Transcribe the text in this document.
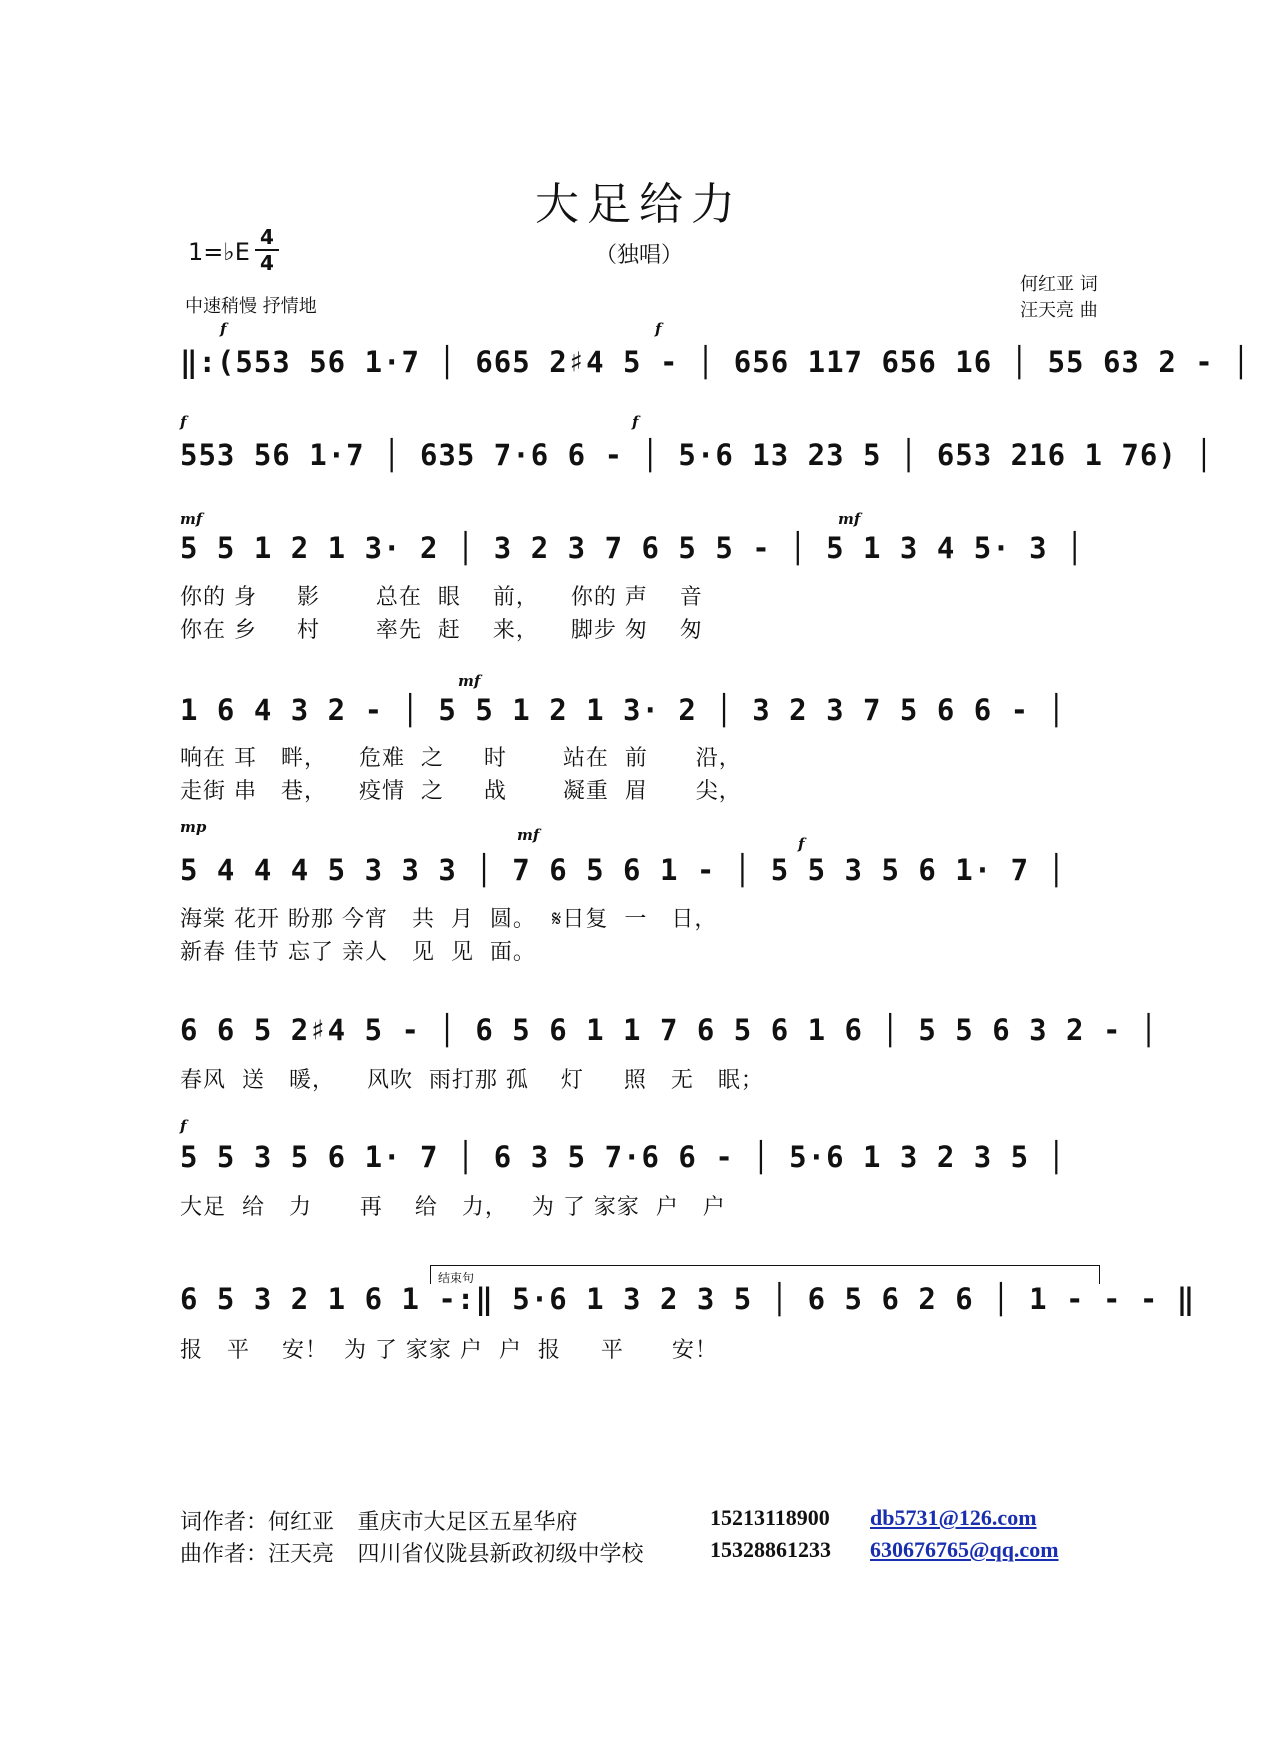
大足给力
（独唱）
1=♭E
4
4
中速稍慢 抒情地
何红亚 词
汪天亮 曲
‖:(553 56 1·7 │ 665 2♯4 5 - │ 656 117 656 16 │ 55 63 2 - │
f	f
553 56 1·7 │ 635 7·6 6 - │ 5·6 13 23 5 │ 653 216 1 76) │
f	f
5 5 1 2 1 3· 2 │ 3 2 3 7 6 5 5 - │ 5 1 3 4 5· 3 │
你的 身     影       总在  眼    前，    你的 声    音
你在 乡     村       率先  赶    来，    脚步 匆    匆
mf	mf
1 6 4 3 2 - │ 5 5 1 2 1 3· 2 │ 3 2 3 7 5 6 6 - │
响在 耳   畔，    危难  之     时       站在  前      沿，
走街 串   巷，    疫情  之     战       凝重  眉      尖，
mf
5 4 4 4 5 3 3 3 │ 7 6 5 6 1 - │ 5 5 3 5 6 1· 7 │
海棠 花开 盼那 今宵   共  月  圆。  𝄋日复  一   日，
新春 佳节 忘了 亲人   见  见  面。
mp	mf	f
6 6 5 2♯4 5 - │ 6 5 6 1 1 7 6 5 6 1 6 │ 5 5 6 3 2 - │
春风  送   暖，    风吹  雨打那 孤    灯     照   无   眠；
5 5 3 5 6 1· 7 │ 6 3 5 7·6 6 - │ 5·6 1 3 2 3 5 │
大足  给   力      再    给   力，   为 了 家家  户   户
f
6 5 3 2 1 6 1 -:‖ 5·6 1 3 2 3 5 │ 6 5 6 2 6 │ 1 - - - ‖
报   平    安！  为 了 家家 户  户  报     平      安！
结束句
词作者：何红亚 重庆市大足区五星华府	15213118900 db5731@126.com
曲作者：汪天亮 四川省仪陇县新政初级中学校	15328861233 630676765@qq.com
